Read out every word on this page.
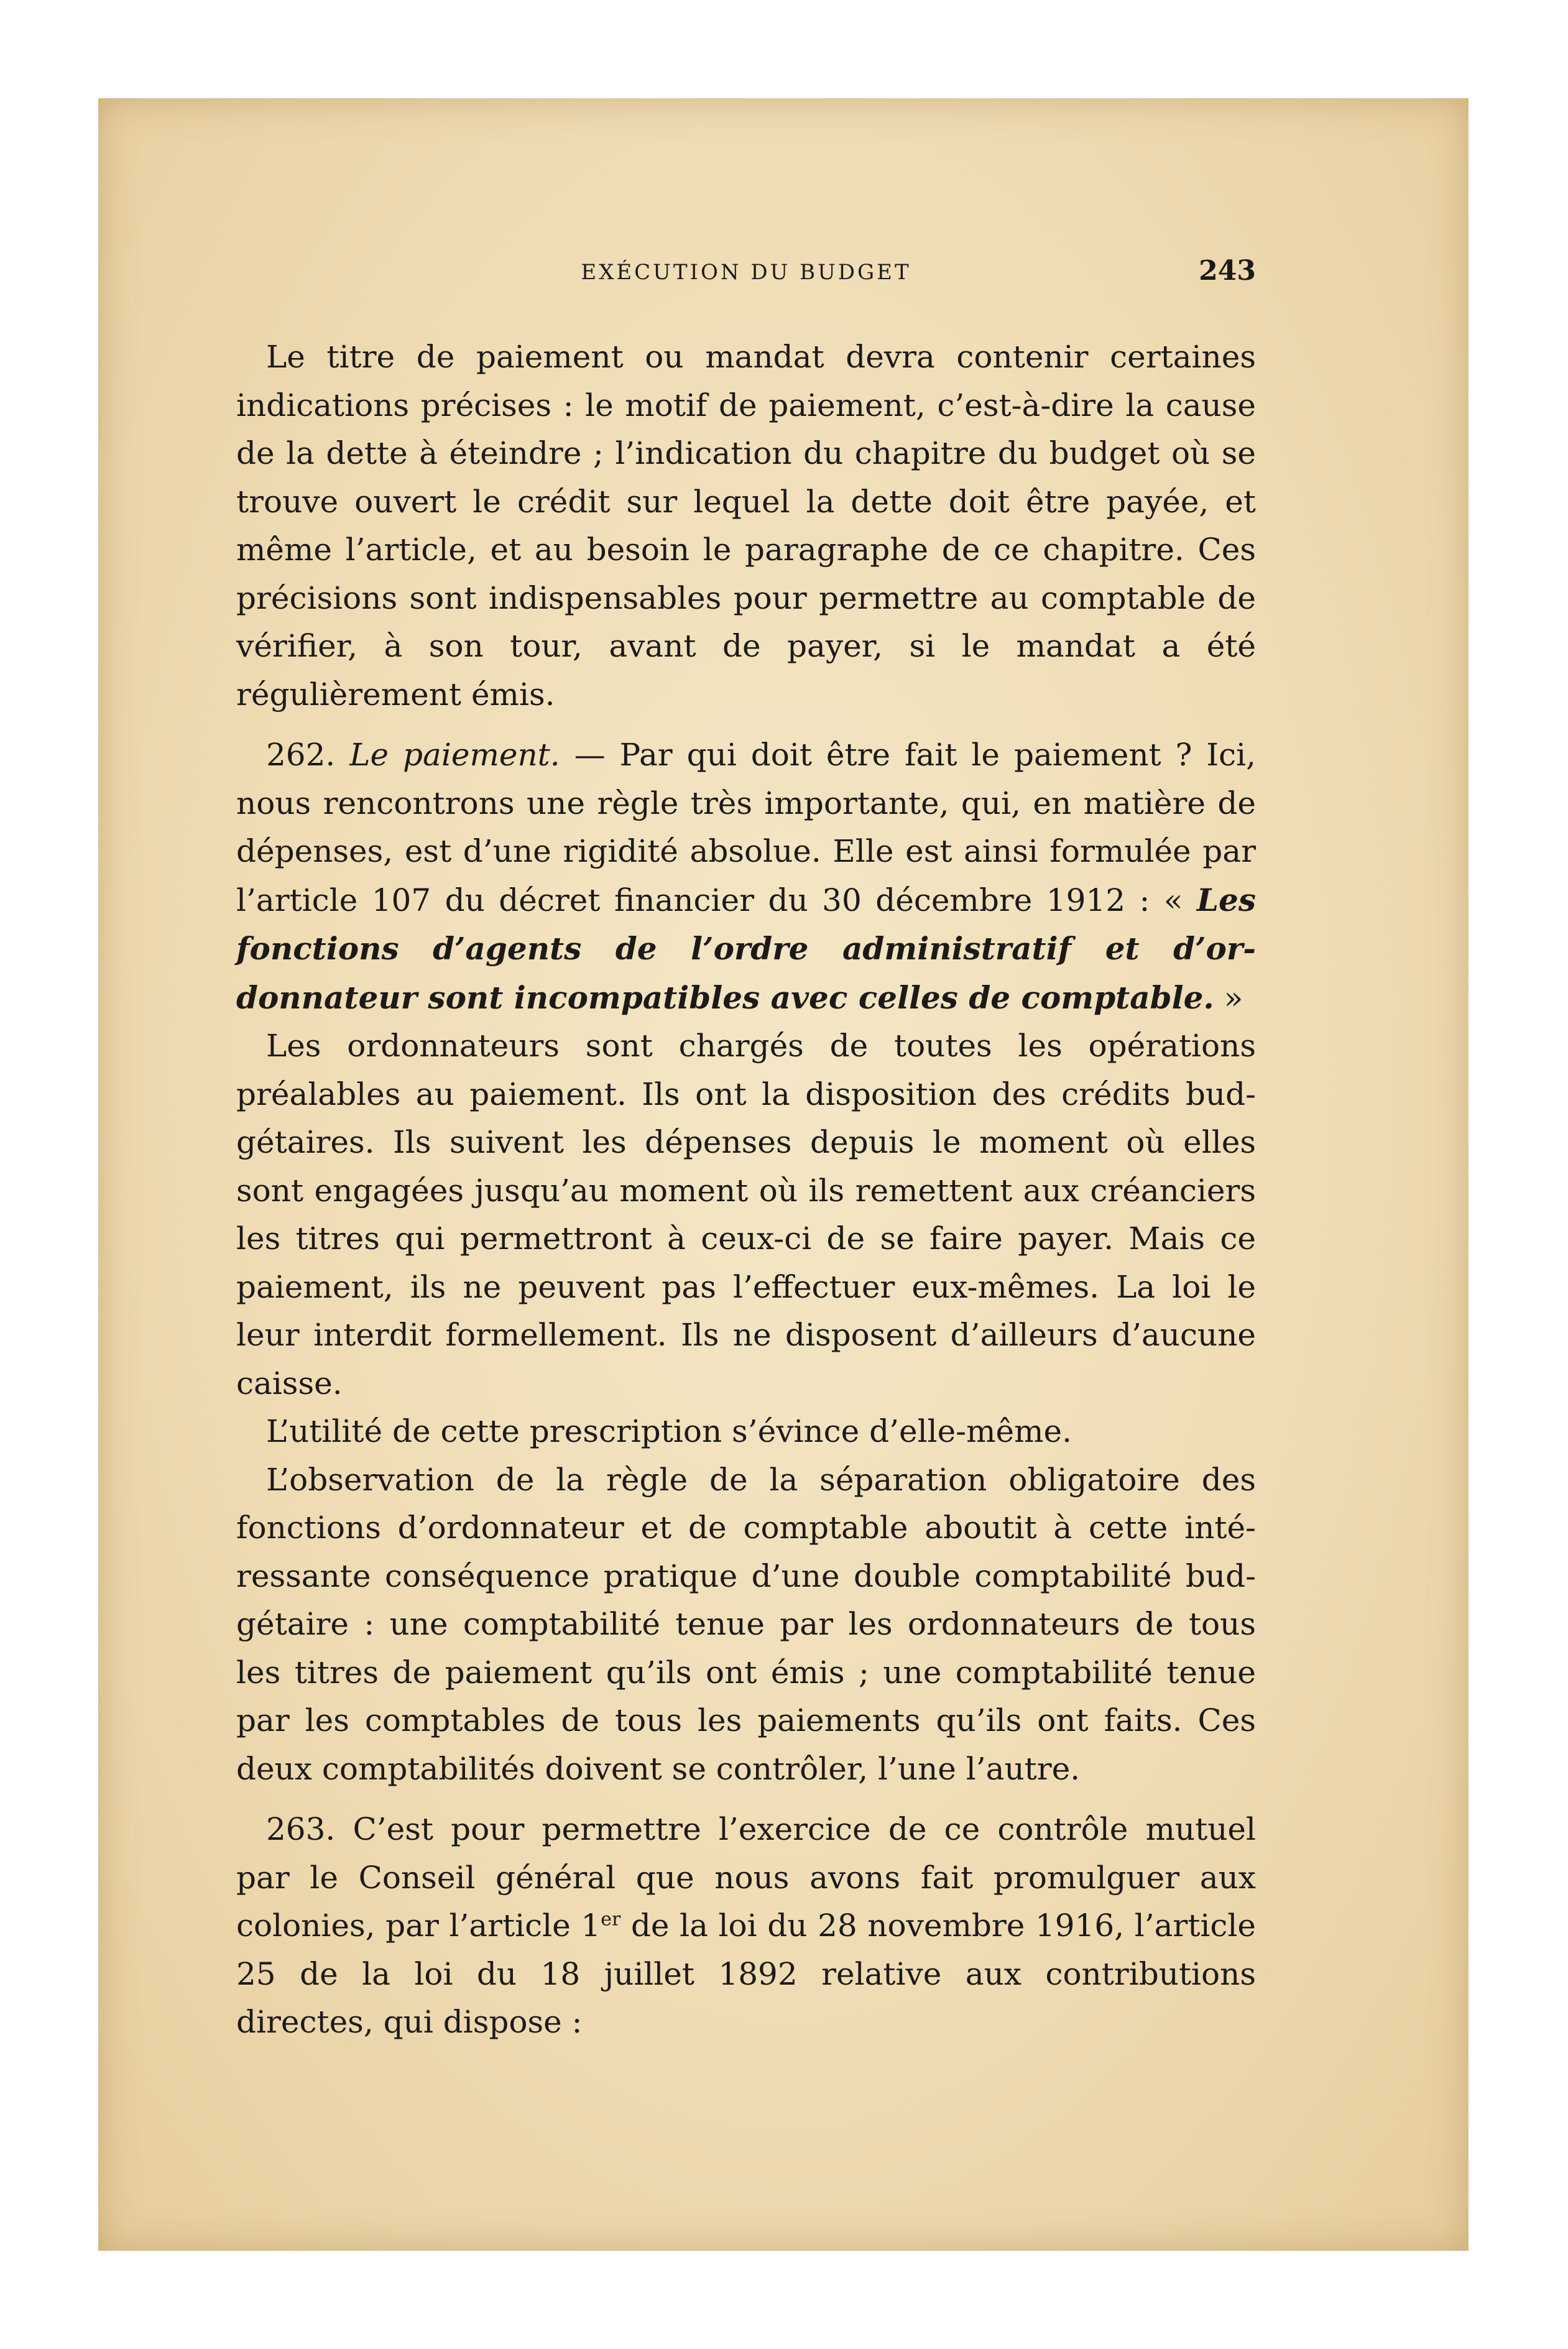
EXÉCUTION DU BUDGET	243

Le titre de paiement ou mandat devra contenir certaines indications précises : le motif de paiement, c’est-à-dire la cause de la dette à éteindre ; l’indication du chapitre du budget où se trouve ouvert le crédit sur lequel la dette doit être payée, et même l’article, et au besoin le paragraphe de ce chapitre. Ces précisions sont indispensables pour permettre au comptable de vérifier, à son tour, avant de payer, si le mandat a été régulièrement émis.

262. Le paiement. — Par qui doit être fait le paiement ? Ici, nous rencontrons une règle très importante, qui, en matière de dépenses, est d’une rigidité absolue. Elle est ainsi formulée par l’article 107 du décret financier du 30 décembre 1912 : « Les fonctions d’agents de l’ordre administratif et d’ordonnateur sont incompatibles avec celles de comptable. »

Les ordonnateurs sont chargés de toutes les opérations préalables au paiement. Ils ont la disposition des crédits budgétaires. Ils suivent les dépenses depuis le moment où elles sont engagées jusqu’au moment où ils remettent aux créanciers les titres qui permettront à ceux-ci de se faire payer. Mais ce paiement, ils ne peuvent pas l’effectuer eux-mêmes. La loi le leur interdit formellement. Ils ne disposent d’ailleurs d’aucune caisse.

L’utilité de cette prescription s’évince d’elle-même.

L’observation de la règle de la séparation obligatoire des fonctions d’ordonnateur et de comptable aboutit à cette intéressante conséquence pratique d’une double comptabilité budgétaire : une comptabilité tenue par les ordonnateurs de tous les titres de paiement qu’ils ont émis ; une comptabilité tenue par les comptables de tous les paiements qu’ils ont faits. Ces deux comptabilités doivent se contrôler, l’une l’autre.

263. C’est pour permettre l’exercice de ce contrôle mutuel par le Conseil général que nous avons fait promulguer aux colonies, par l’article 1er de la loi du 28 novembre 1916, l’article 25 de la loi du 18 juillet 1892 relative aux contributions directes, qui dispose :
